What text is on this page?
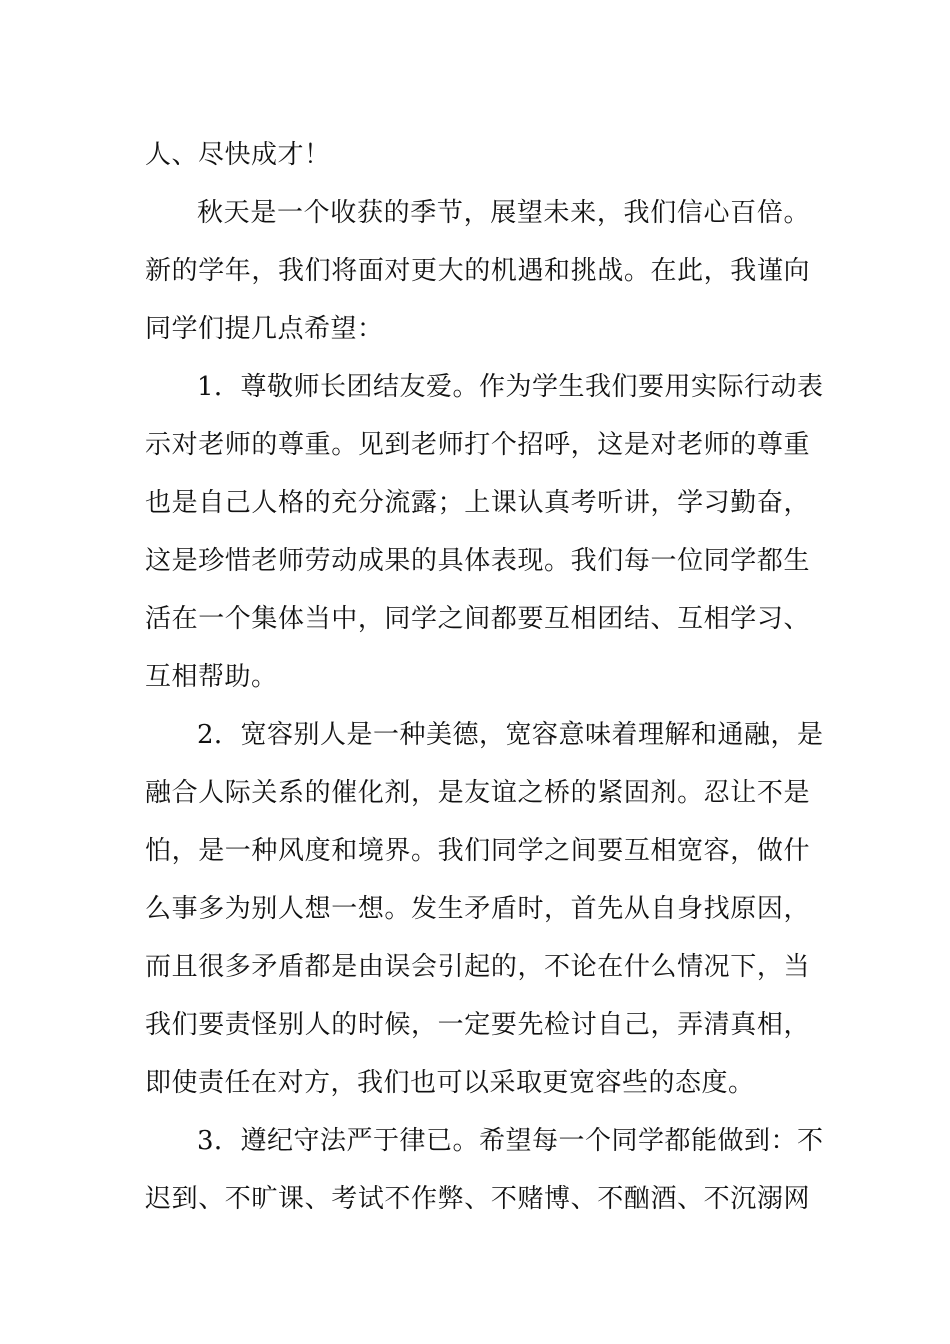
人、尽快成才！
秋天是一个收获的季节，展望未来，我们信心百倍。
新的学年，我们将面对更大的机遇和挑战。在此，我谨向
同学们提几点希望：
1．尊敬师长团结友爱。作为学生我们要用实际行动表
示对老师的尊重。见到老师打个招呼，这是对老师的尊重
也是自己人格的充分流露；上课认真考听讲，学习勤奋，
这是珍惜老师劳动成果的具体表现。我们每一位同学都生
活在一个集体当中，同学之间都要互相团结、互相学习、
互相帮助。
2．宽容别人是一种美德，宽容意味着理解和通融，是
融合人际关系的催化剂，是友谊之桥的紧固剂。忍让不是
怕，是一种风度和境界。我们同学之间要互相宽容，做什
么事多为别人想一想。发生矛盾时，首先从自身找原因，
而且很多矛盾都是由误会引起的，不论在什么情况下，当
我们要责怪别人的时候，一定要先检讨自己，弄清真相，
即使责任在对方，我们也可以采取更宽容些的态度。
3．遵纪守法严于律已。希望每一个同学都能做到：不
迟到、不旷课、考试不作弊、不赌博、不酗酒、不沉溺网
